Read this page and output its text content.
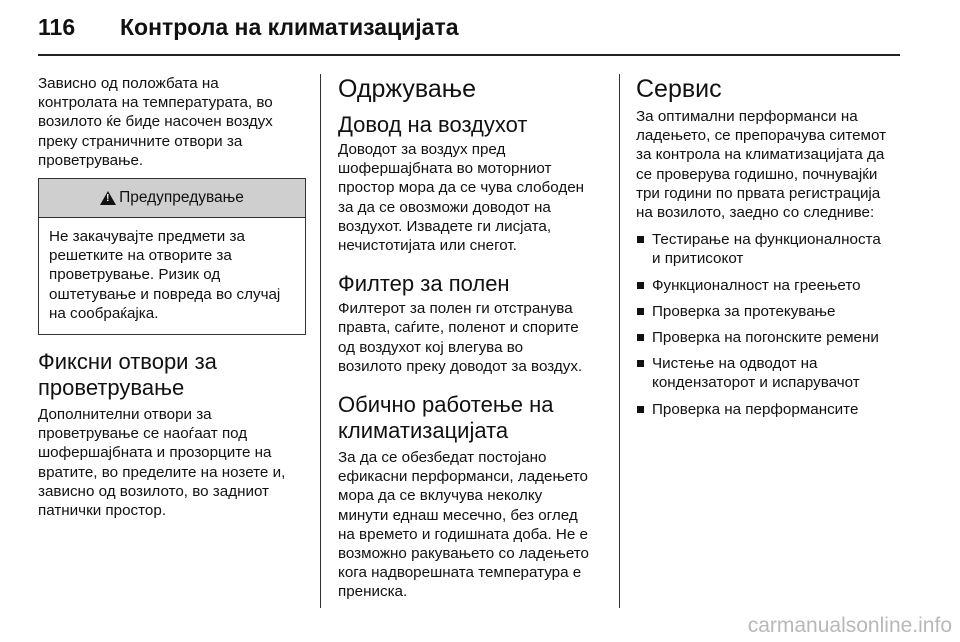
116 Контрола на климатизацијата

Зависно од положбата на
контролата на температурата, во
возилото ќе биде насочен воздух
преку страничните отвори за
проветрување.

!
Предупредување
Не закачувајте предмети за
решетките на отворите за
проветрување. Ризик од
оштетување и повреда во случај
на сообраќајка.
Фиксни отвори за
проветрување

Дополнителни отвори за
проветрување се наоѓаат под
шофершајбната и прозорците на
вратите, во пределите на нозете и,
зависно од возилото, во задниот
патнички простор.

Одржување
Довод на воздухот

Доводот за воздух пред
шофершајбната во моторниот
простор мора да се чува слободен
за да се овозможи доводот на
воздухот. Извадете ги лисјата,
нечистотијата или снегот.

Филтер за полен

Филтерот за полен ги отстранува
правта, саѓите, поленот и спорите
од воздухот кој влегува во
возилото преку доводот за воздух.

Обично работење на
климатизацијата

За да се обезбедат постојано
ефикасни перформанси, ладењето
мора да се вклучува неколку
минути еднаш месечно, без оглед
на времето и годишната доба. Не е
возможно ракувањето со ладењето
кога надворешната температура е
прениска.

Сервис

За оптимални перформанси на
ладењето, се препорачува ситемот
за контрола на климатизацијата да
се проверува годишно, почнувајќи
три години по првата регистрација
на возилото, заедно со следниве:

Тестирање на функционалноста
и притисокот
Функционалност на греењето
Проверка за протекување
Проверка на погонските ремени
Чистење на одводот на
кондензаторот и испарувачот
Проверка на перформансите
carmanualsonline.info
